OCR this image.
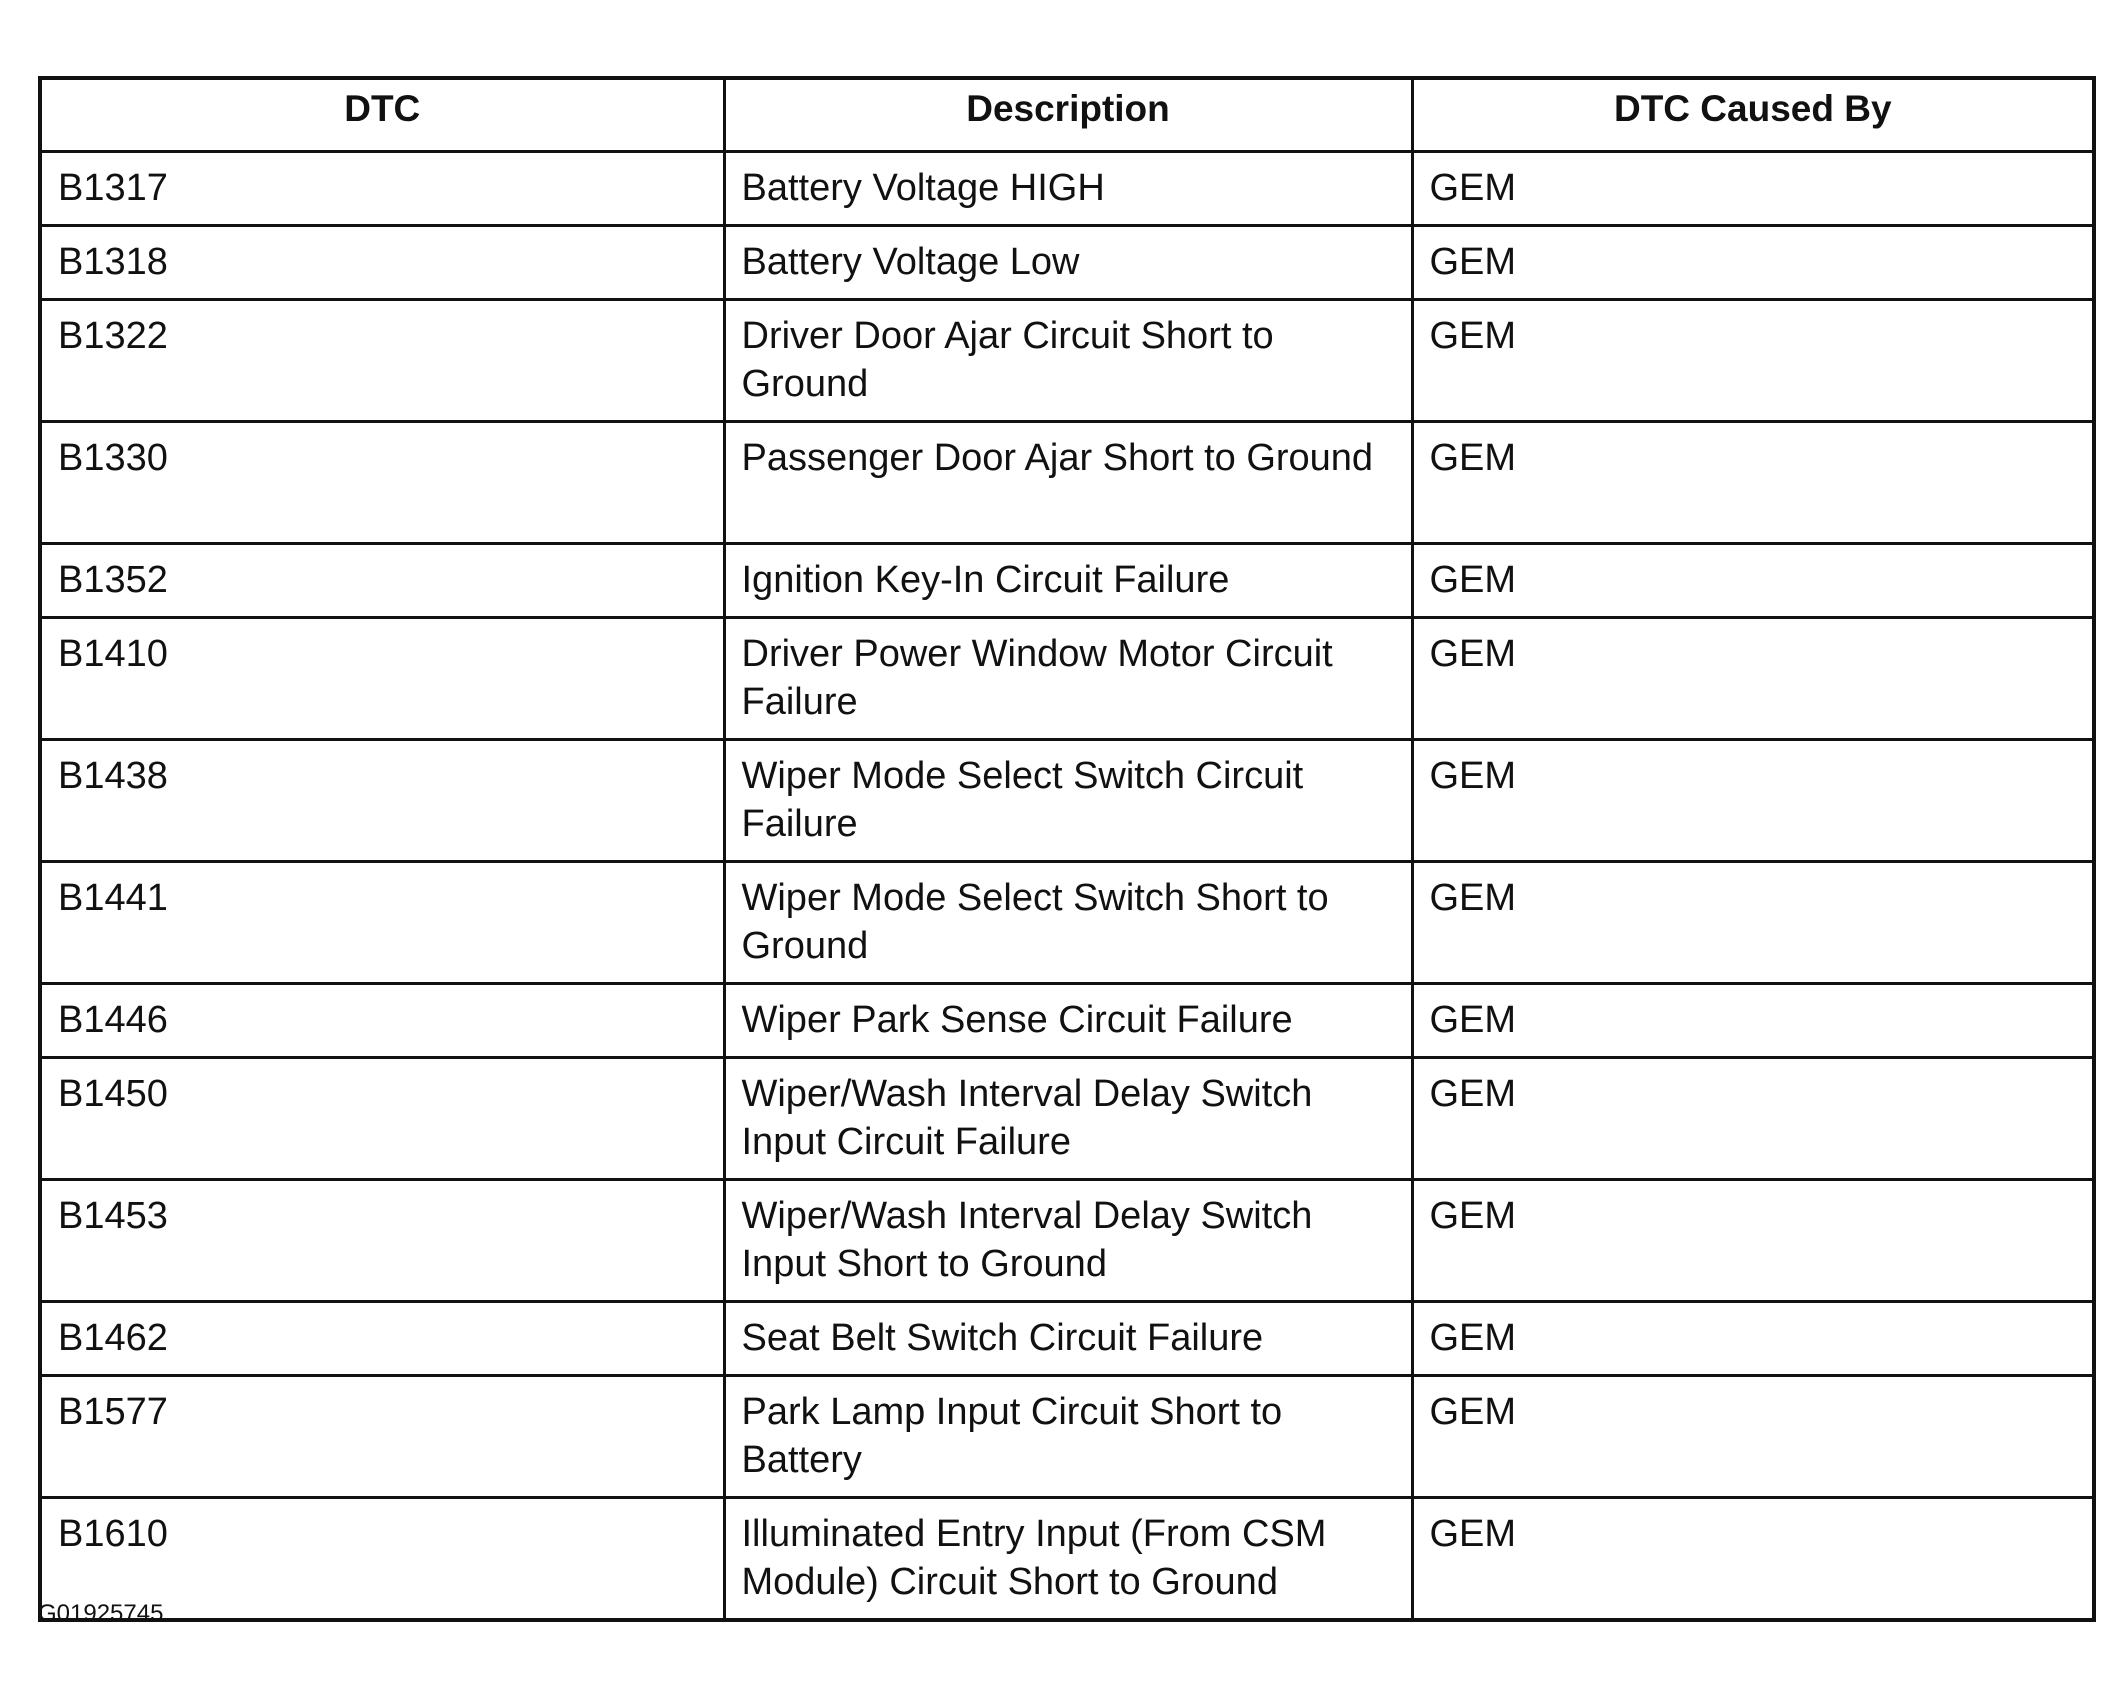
DTC	Description	DTC Caused By
B1317	Battery Voltage HIGH	GEM
B1318	Battery Voltage Low	GEM
B1322	Driver Door Ajar Circuit Short to Ground	GEM
B1330	Passenger Door Ajar Short to Ground	GEM
B1352	Ignition Key-In Circuit Failure	GEM
B1410	Driver Power Window Motor Circuit Failure	GEM
B1438	Wiper Mode Select Switch Circuit Failure	GEM
B1441	Wiper Mode Select Switch Short to Ground	GEM
B1446	Wiper Park Sense Circuit Failure	GEM
B1450	Wiper/Wash Interval Delay Switch Input Circuit Failure	GEM
B1453	Wiper/Wash Interval Delay Switch Input Short to Ground	GEM
B1462	Seat Belt Switch Circuit Failure	GEM
B1577	Park Lamp Input Circuit Short to Battery	GEM
B1610	Illuminated Entry Input (From CSM Module) Circuit Short to Ground	GEM
G01925745
